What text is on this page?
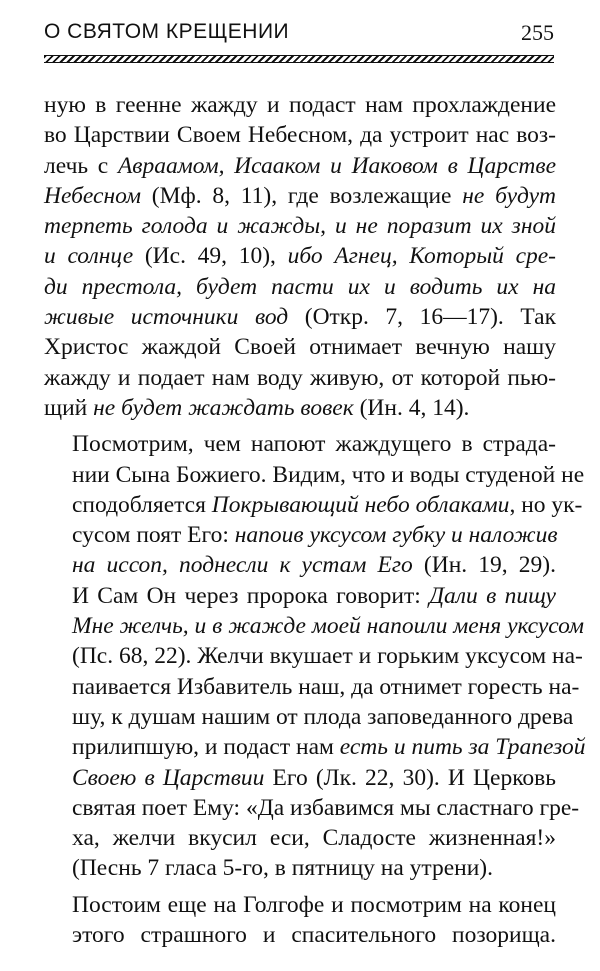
О СВЯТОМ КРЕЩЕНИИ	255

ную в геенне жажду и подаст нам прохлаждение
во Царствии Своем Небесном, да устроит нас воз-
лечь с Авраамом, Исааком и Иаковом в Царстве
Небесном (Мф. 8, 11), где возлежащие не будут
терпеть голода и жажды, и не поразит их зной
и солнце (Ис. 49, 10), ибо Агнец, Который сре-
ди престола, будет пасти их и водить их на
живые источники вод (Откр. 7, 16—17). Так
Христос жаждой Своей отнимает вечную нашу
жажду и подает нам воду живую, от которой пью-
щий не будет жаждать вовек (Ин. 4, 14).

Посмотрим, чем напоют жаждущего в страда-
нии Сына Божиего. Видим, что и воды студеной не
сподобляется Покрывающий небо облаками, но ук-
сусом поят Его: напоив уксусом губку и наложив
на иссоп, поднесли к устам Его (Ин. 19, 29).
И Сам Он через пророка говорит: Дали в пищу
Мне желчь, и в жажде моей напоили меня уксусом
(Пс. 68, 22). Желчи вкушает и горьким уксусом на-
паивается Избавитель наш, да отнимет горесть на-
шу, к душам нашим от плода заповеданного древа
прилипшую, и подаст нам есть и пить за Трапезой
Своею в Царствии Его (Лк. 22, 30). И Церковь
святая поет Ему: «Да избавимся мы сластнаго гре-
ха, желчи вкусил еси, Сладосте жизненная!»
(Песнь 7 гласа 5-го, в пятницу на утрени).

Постоим еще на Голгофе и посмотрим на конец
этого страшного и спасительного позорища.
